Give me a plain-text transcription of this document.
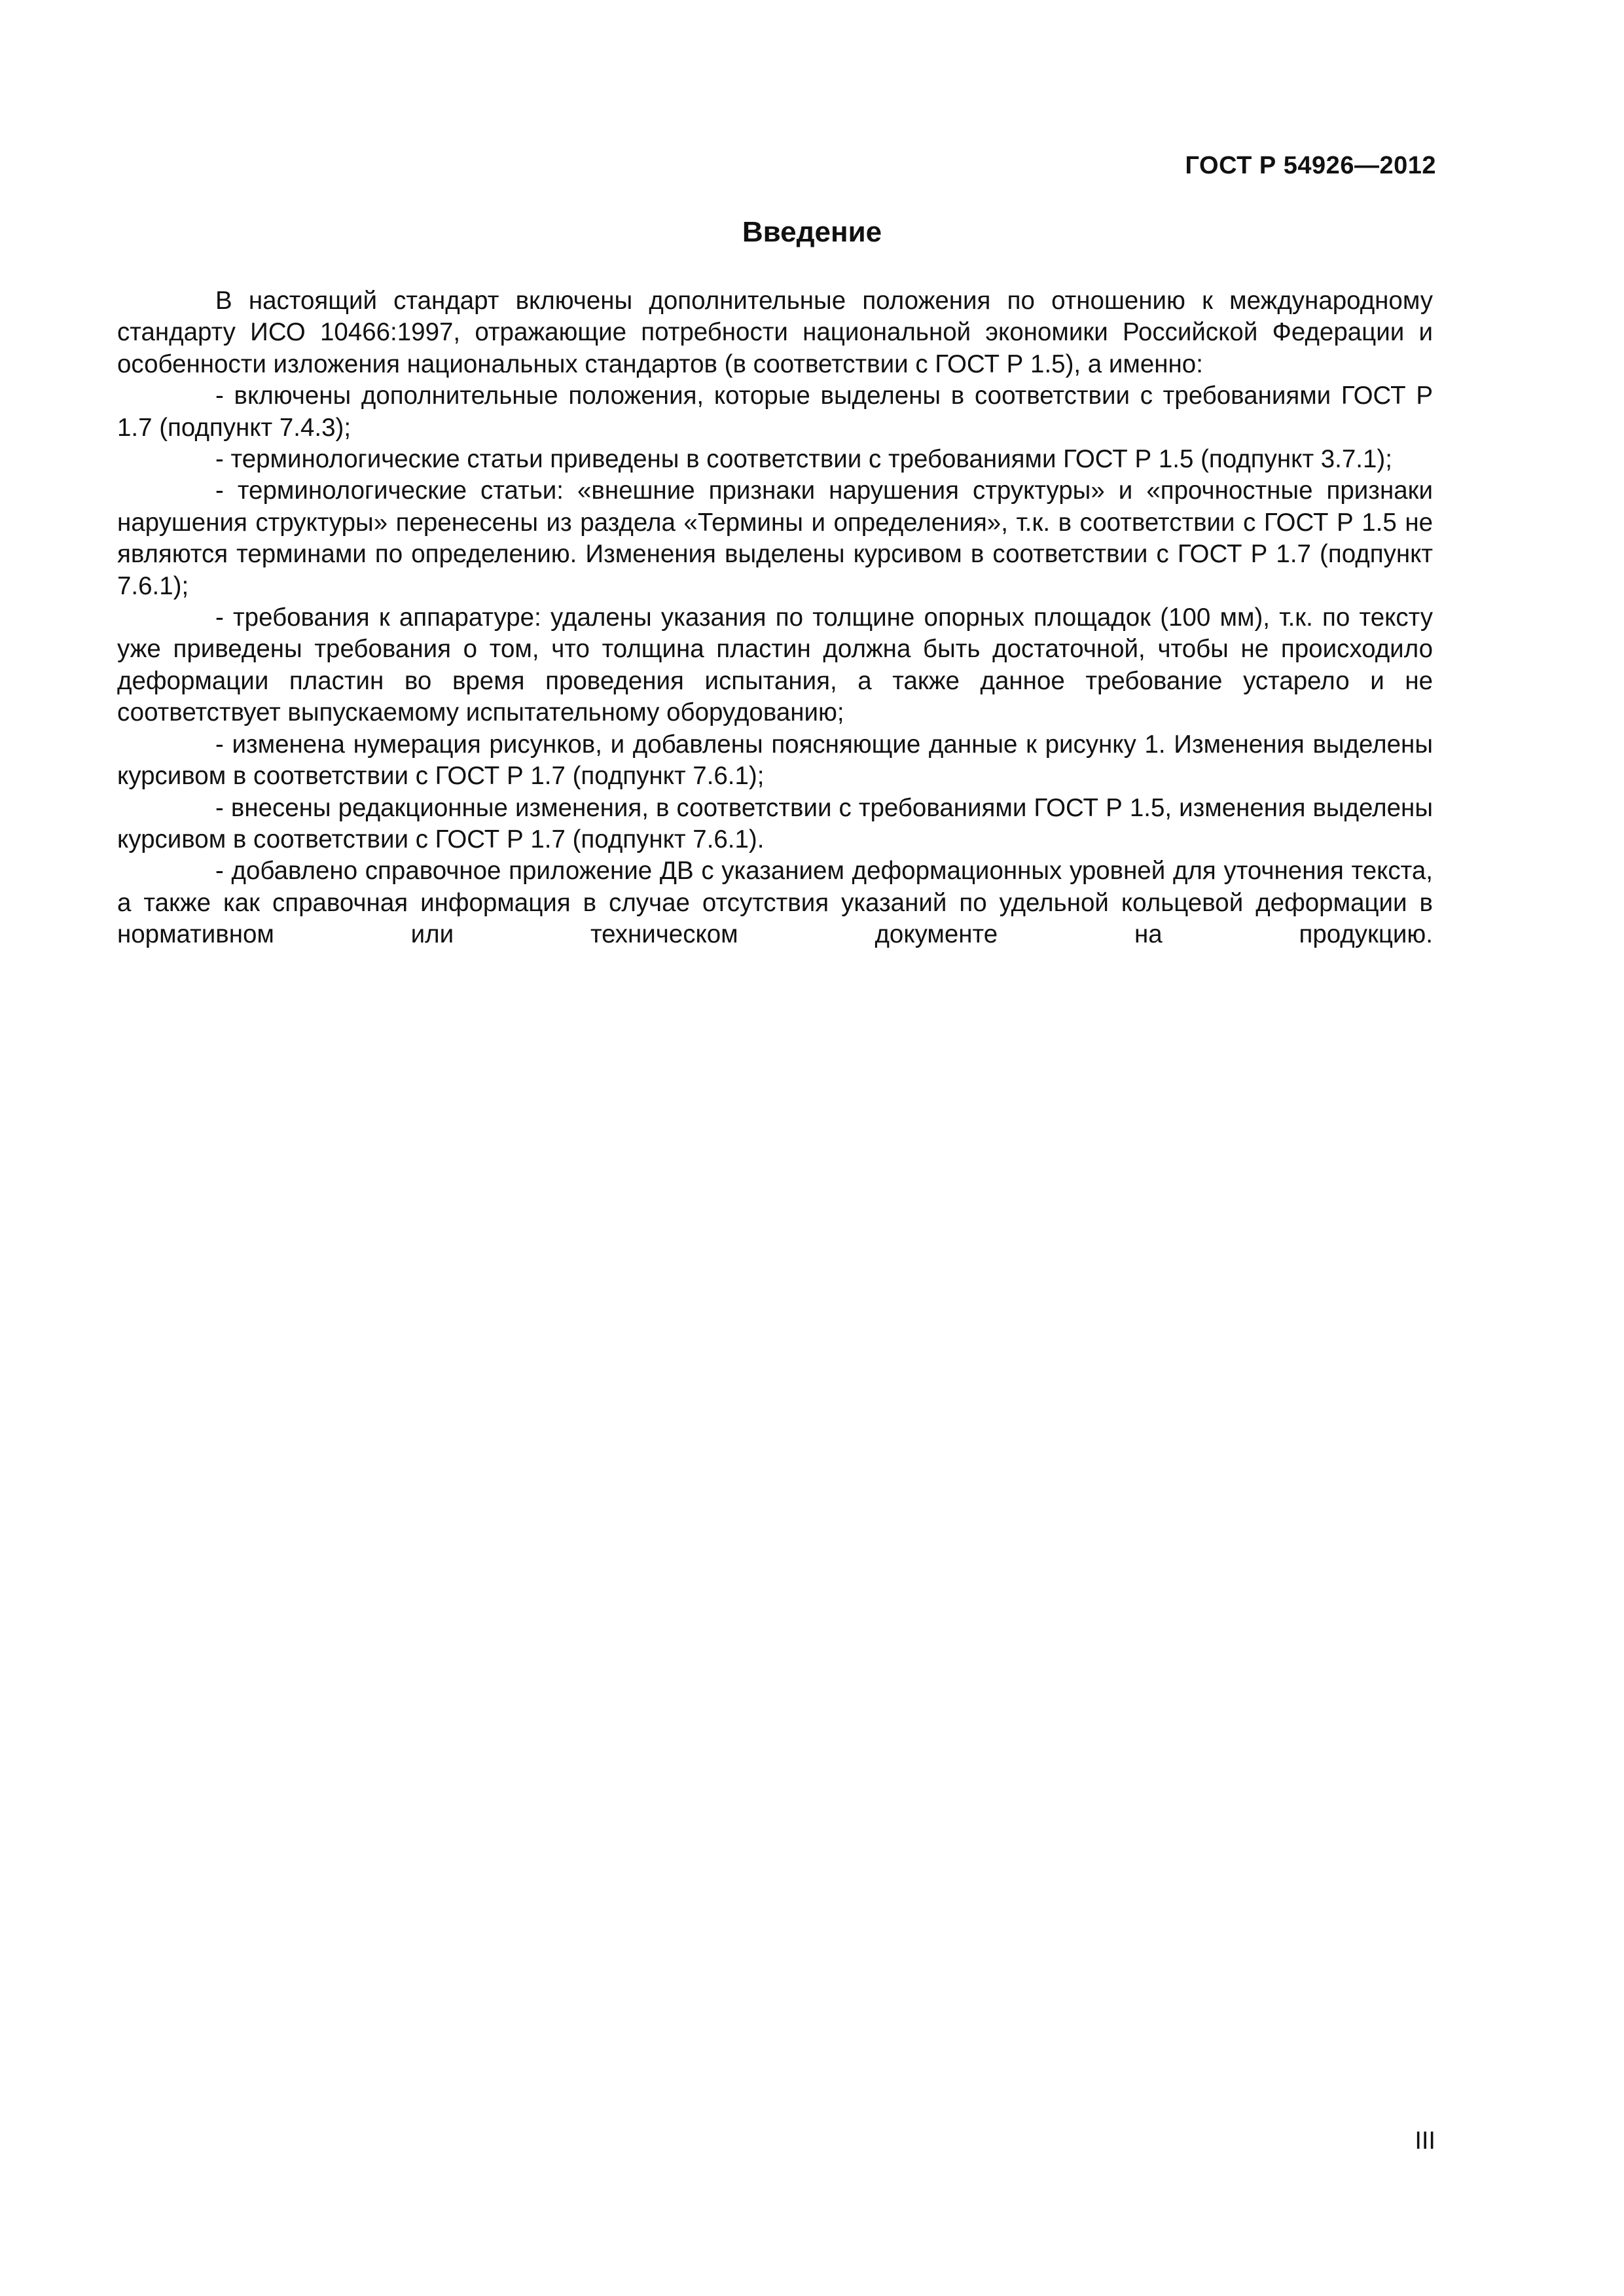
ГОСТ Р 54926—2012
Введение

В настоящий стандарт включены дополнительные положения по отношению к международному стандарту ИСО 10466:1997, отражающие потребности национальной экономики Российской Федерации и особенности изложения национальных стандартов (в соответствии с ГОСТ Р 1.5), а именно:

- включены дополнительные положения, которые выделены в соответствии с требованиями ГОСТ Р 1.7 (подпункт 7.4.3);

- терминологические статьи приведены в соответствии с требованиями ГОСТ Р 1.5 (подпункт 3.7.1);

- терминологические статьи: «внешние признаки нарушения структуры» и «прочностные признаки нарушения структуры» перенесены из раздела «Термины и определения», т.к. в соответствии с ГОСТ Р 1.5 не являются терминами по определению. Изменения выделены курсивом в соответствии с ГОСТ Р 1.7 (подпункт 7.6.1);

- требования к аппаратуре: удалены указания по толщине опорных площадок (100 мм), т.к. по тексту уже приведены требования о том, что толщина пластин должна быть достаточной, чтобы не происходило деформации пластин во время проведения испытания, а также данное требование устарело и не соответствует выпускаемому испытательному оборудованию;

- изменена нумерация рисунков, и добавлены поясняющие данные к рисунку 1. Изменения выделены курсивом в соответствии с ГОСТ Р 1.7 (подпункт 7.6.1);

- внесены редакционные изменения, в соответствии с требованиями ГОСТ Р 1.5, изменения выделены курсивом в соответствии с ГОСТ Р 1.7 (подпункт 7.6.1).

- добавлено справочное приложение ДВ с указанием деформационных уровней для уточнения текста, а также как справочная информация в случае отсутствия указаний по удельной кольцевой деформации в нормативном или техническом документе на продукцию.

III
